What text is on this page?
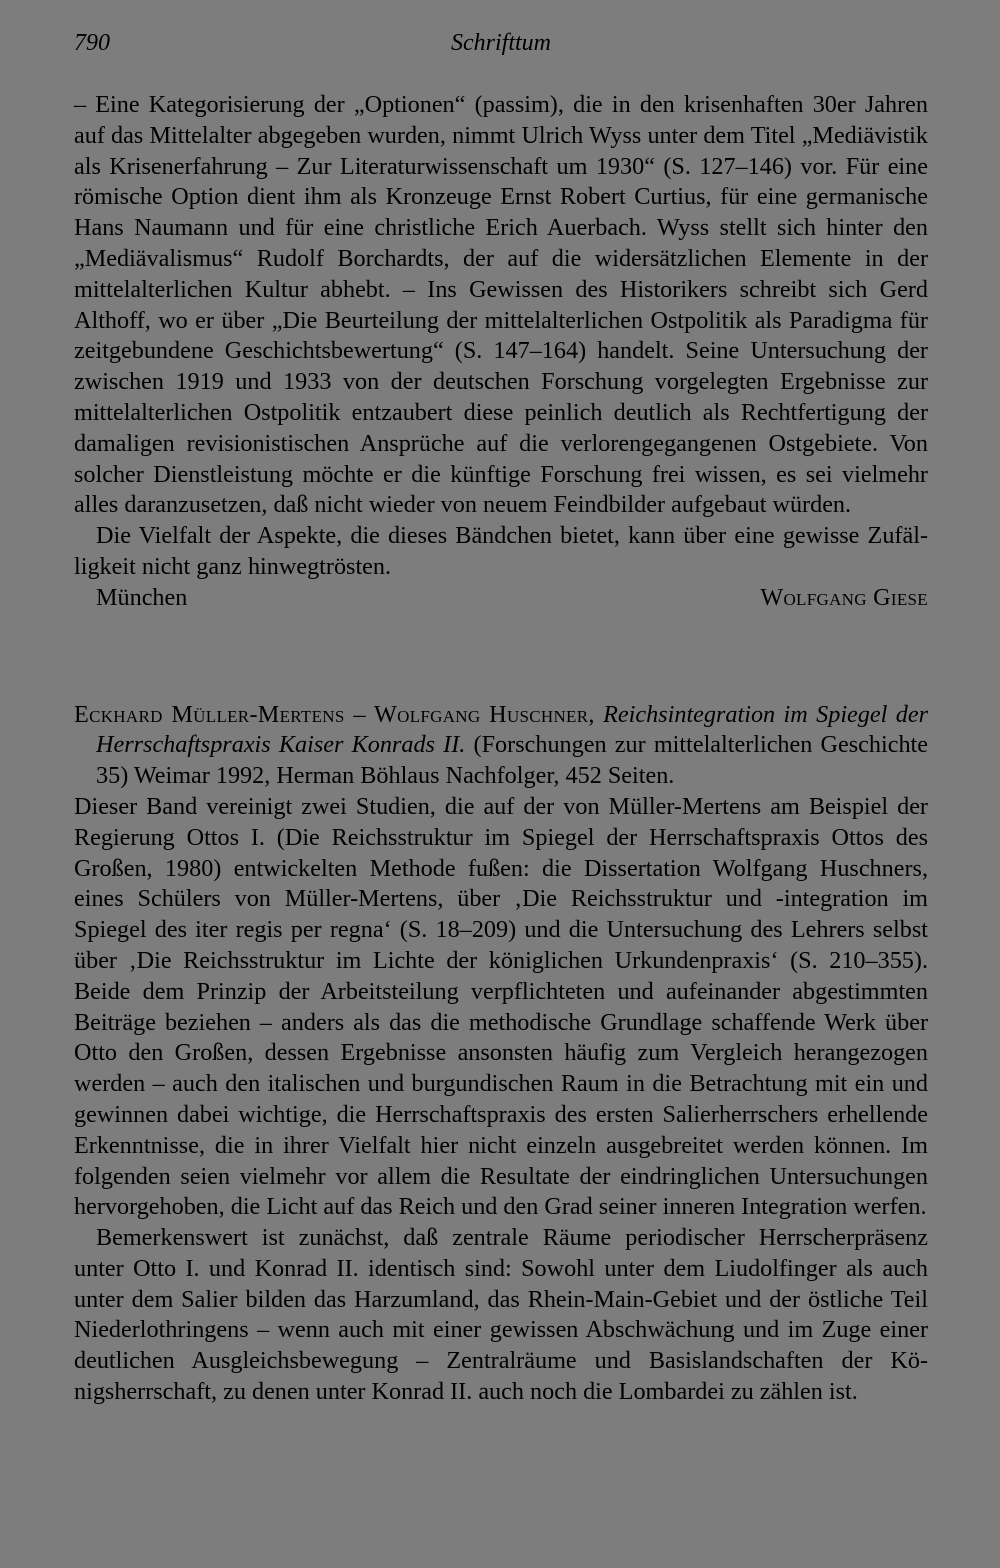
790	Schrifttum

– Eine Kategorisierung der „Optionen“ (passim), die in den krisenhaften 30er Jahren auf das Mittelalter abgegeben wurden, nimmt Ulrich Wyss unter dem Titel „Mediävistik als Krisenerfahrung – Zur Literaturwissenschaft um 1930“ (S. 127–146) vor. Für eine römische Option dient ihm als Kronzeuge Ernst Robert Curtius, für eine germanische Hans Naumann und für eine christliche Erich Auerbach. Wyss stellt sich hinter den „Mediävalismus“ Rudolf Borchardts, der auf die widersätzlichen Elemente in der mittelalterlichen Kultur abhebt. – Ins Gewissen des Historikers schreibt sich Gerd Althoff, wo er über „Die Beurteilung der mittelalterlichen Ostpolitik als Paradigma für zeitgebundene Geschichtsbewertung“ (S. 147–164) handelt. Seine Untersuchung der zwischen 1919 und 1933 von der deutschen Forschung vorgelegten Ergebnisse zur mittelalterlichen Ostpolitik entzaubert diese peinlich deutlich als Rechtfertigung der damaligen revisionistischen Ansprüche auf die verlorengegangenen Ostgebiete. Von solcher Dienstleistung möchte er die künftige Forschung frei wissen, es sei vielmehr alles daranzusetzen, daß nicht wieder von neuem Feindbilder aufgebaut würden.

Die Vielfalt der Aspekte, die dieses Bändchen bietet, kann über eine gewisse Zufälligkeit nicht ganz hinwegtrösten.

München	Wolfgang Giese

Eckhard Müller-Mertens – Wolfgang Huschner, Reichsintegration im Spiegel der Herrschaftspraxis Kaiser Konrads II. (Forschungen zur mittelalterlichen Geschichte 35) Weimar 1992, Herman Böhlaus Nachfolger, 452 Seiten.

Dieser Band vereinigt zwei Studien, die auf der von Müller-Mertens am Beispiel der Regierung Ottos I. (Die Reichsstruktur im Spiegel der Herrschaftspraxis Ottos des Großen, 1980) entwickelten Methode fußen: die Dissertation Wolfgang Huschners, eines Schülers von Müller-Mertens, über ‚Die Reichsstruktur und -integration im Spiegel des iter regis per regna‘ (S. 18–209) und die Untersuchung des Lehrers selbst über ‚Die Reichsstruktur im Lichte der königlichen Urkundenpraxis‘ (S. 210–355). Beide dem Prinzip der Arbeitsteilung verpflichteten und aufeinander abgestimmten Beiträge beziehen – anders als das die methodische Grundlage schaffende Werk über Otto den Großen, dessen Ergebnisse ansonsten häufig zum Vergleich herangezogen werden – auch den italischen und burgundischen Raum in die Betrachtung mit ein und gewinnen dabei wichtige, die Herrschaftspraxis des ersten Salierherrschers erhellende Erkenntnisse, die in ihrer Vielfalt hier nicht einzeln ausgebreitet werden können. Im folgenden seien vielmehr vor allem die Resultate der eindringlichen Untersuchungen hervorgehoben, die Licht auf das Reich und den Grad seiner inneren Integration werfen.

Bemerkenswert ist zunächst, daß zentrale Räume periodischer Herrscherpräsenz unter Otto I. und Konrad II. identisch sind: Sowohl unter dem Liudolfinger als auch unter dem Salier bilden das Harzumland, das Rhein-Main-Gebiet und der östliche Teil Niederlothringens – wenn auch mit einer gewissen Abschwächung und im Zuge einer deutlichen Ausgleichsbewegung – Zentralräume und Basislandschaften der Königsherrschaft, zu denen unter Konrad II. auch noch die Lombardei zu zählen ist.
